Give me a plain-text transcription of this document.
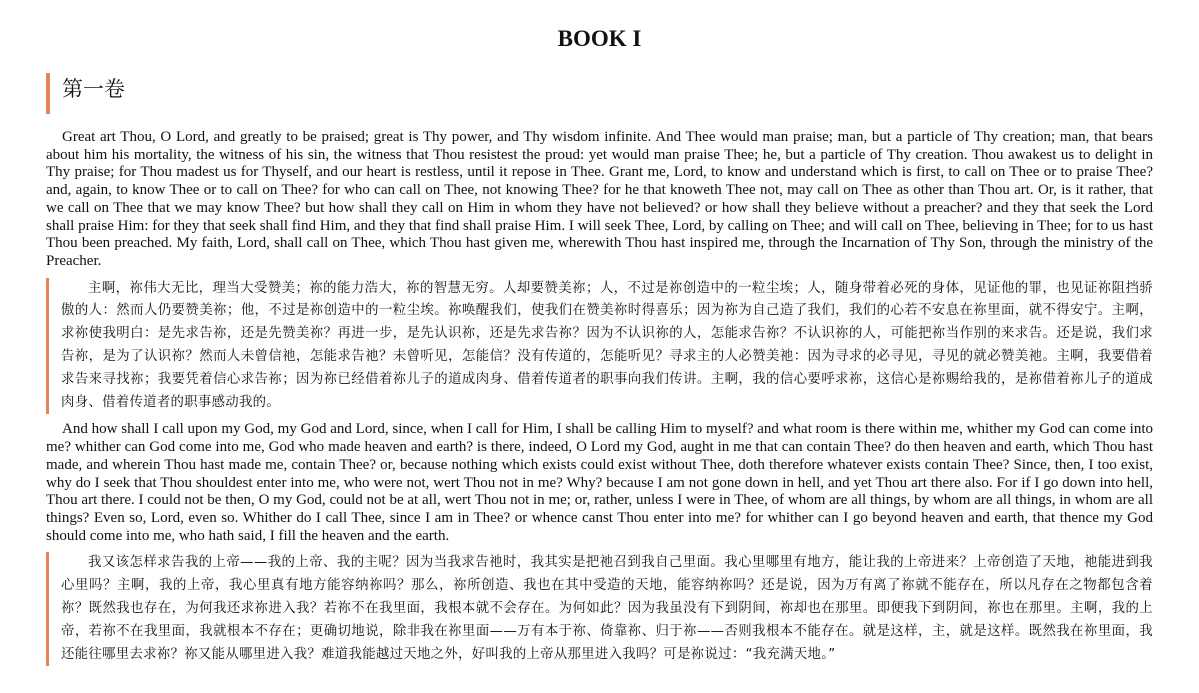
BOOK I
第一卷

Great art Thou, O Lord, and greatly to be praised; great is Thy power, and Thy wisdom infinite. And Thee would man praise; man, but a particle of Thy creation; man, that bears about him his mortality, the witness of his sin, the witness that Thou resistest the proud: yet would man praise Thee; he, but a particle of Thy creation. Thou awakest us to delight in Thy praise; for Thou madest us for Thyself, and our heart is restless, until it repose in Thee. Grant me, Lord, to know and understand which is first, to call on Thee or to praise Thee? and, again, to know Thee or to call on Thee? for who can call on Thee, not knowing Thee? for he that knoweth Thee not, may call on Thee as other than Thou art. Or, is it rather, that we call on Thee that we may know Thee? but how shall they call on Him in whom they have not believed? or how shall they believe without a preacher? and they that seek the Lord shall praise Him: for they that seek shall find Him, and they that find shall praise Him. I will seek Thee, Lord, by calling on Thee; and will call on Thee, believing in Thee; for to us hast Thou been preached. My faith, Lord, shall call on Thee, which Thou hast given me, wherewith Thou hast inspired me, through the Incarnation of Thy Son, through the ministry of the Preacher.

主啊，祢伟大无比，理当大受赞美；祢的能力浩大，祢的智慧无穷。人却要赞美祢；人，不过是祢创造中的一粒尘埃；人，随身带着必死的身体，见证他的罪，也见证祢阻挡骄傲的人：然而人仍要赞美祢；他，不过是祢创造中的一粒尘埃。祢唤醒我们，使我们在赞美祢时得喜乐；因为祢为自己造了我们，我们的心若不安息在祢里面，就不得安宁。主啊，求祢使我明白：是先求告祢，还是先赞美祢？再进一步，是先认识祢，还是先求告祢？因为不认识祢的人，怎能求告祢？不认识祢的人，可能把祢当作别的来求告。还是说，我们求告祢，是为了认识祢？然而人未曾信祂，怎能求告祂？未曾听见，怎能信？没有传道的，怎能听见？寻求主的人必赞美祂：因为寻求的必寻见，寻见的就必赞美祂。主啊，我要借着求告来寻找祢；我要凭着信心求告祢；因为祢已经借着祢儿子的道成肉身、借着传道者的职事向我们传讲。主啊，我的信心要呼求祢，这信心是祢赐给我的，是祢借着祢儿子的道成肉身、借着传道者的职事感动我的。

And how shall I call upon my God, my God and Lord, since, when I call for Him, I shall be calling Him to myself? and what room is there within me, whither my God can come into me? whither can God come into me, God who made heaven and earth? is there, indeed, O Lord my God, aught in me that can contain Thee? do then heaven and earth, which Thou hast made, and wherein Thou hast made me, contain Thee? or, because nothing which exists could exist without Thee, doth therefore whatever exists contain Thee? Since, then, I too exist, why do I seek that Thou shouldest enter into me, who were not, wert Thou not in me? Why? because I am not gone down in hell, and yet Thou art there also. For if I go down into hell, Thou art there. I could not be then, O my God, could not be at all, wert Thou not in me; or, rather, unless I were in Thee, of whom are all things, by whom are all things, in whom are all things? Even so, Lord, even so. Whither do I call Thee, since I am in Thee? or whence canst Thou enter into me? for whither can I go beyond heaven and earth, that thence my God should come into me, who hath said, I fill the heaven and the earth.

我又该怎样求告我的上帝——我的上帝、我的主呢？因为当我求告祂时，我其实是把祂召到我自己里面。我心里哪里有地方，能让我的上帝进来？上帝创造了天地，祂能进到我心里吗？主啊，我的上帝，我心里真有地方能容纳祢吗？那么，祢所创造、我也在其中受造的天地，能容纳祢吗？还是说，因为万有离了祢就不能存在，所以凡存在之物都包含着祢？既然我也存在，为何我还求祢进入我？若祢不在我里面，我根本就不会存在。为何如此？因为我虽没有下到阴间，祢却也在那里。即便我下到阴间，祢也在那里。主啊，我的上帝，若祢不在我里面，我就根本不存在；更确切地说，除非我在祢里面——万有本于祢、倚靠祢、归于祢——否则我根本不能存在。就是这样，主，就是这样。既然我在祢里面，我还能往哪里去求祢？祢又能从哪里进入我？难道我能越过天地之外，好叫我的上帝从那里进入我吗？可是祢说过：“我充满天地。”
